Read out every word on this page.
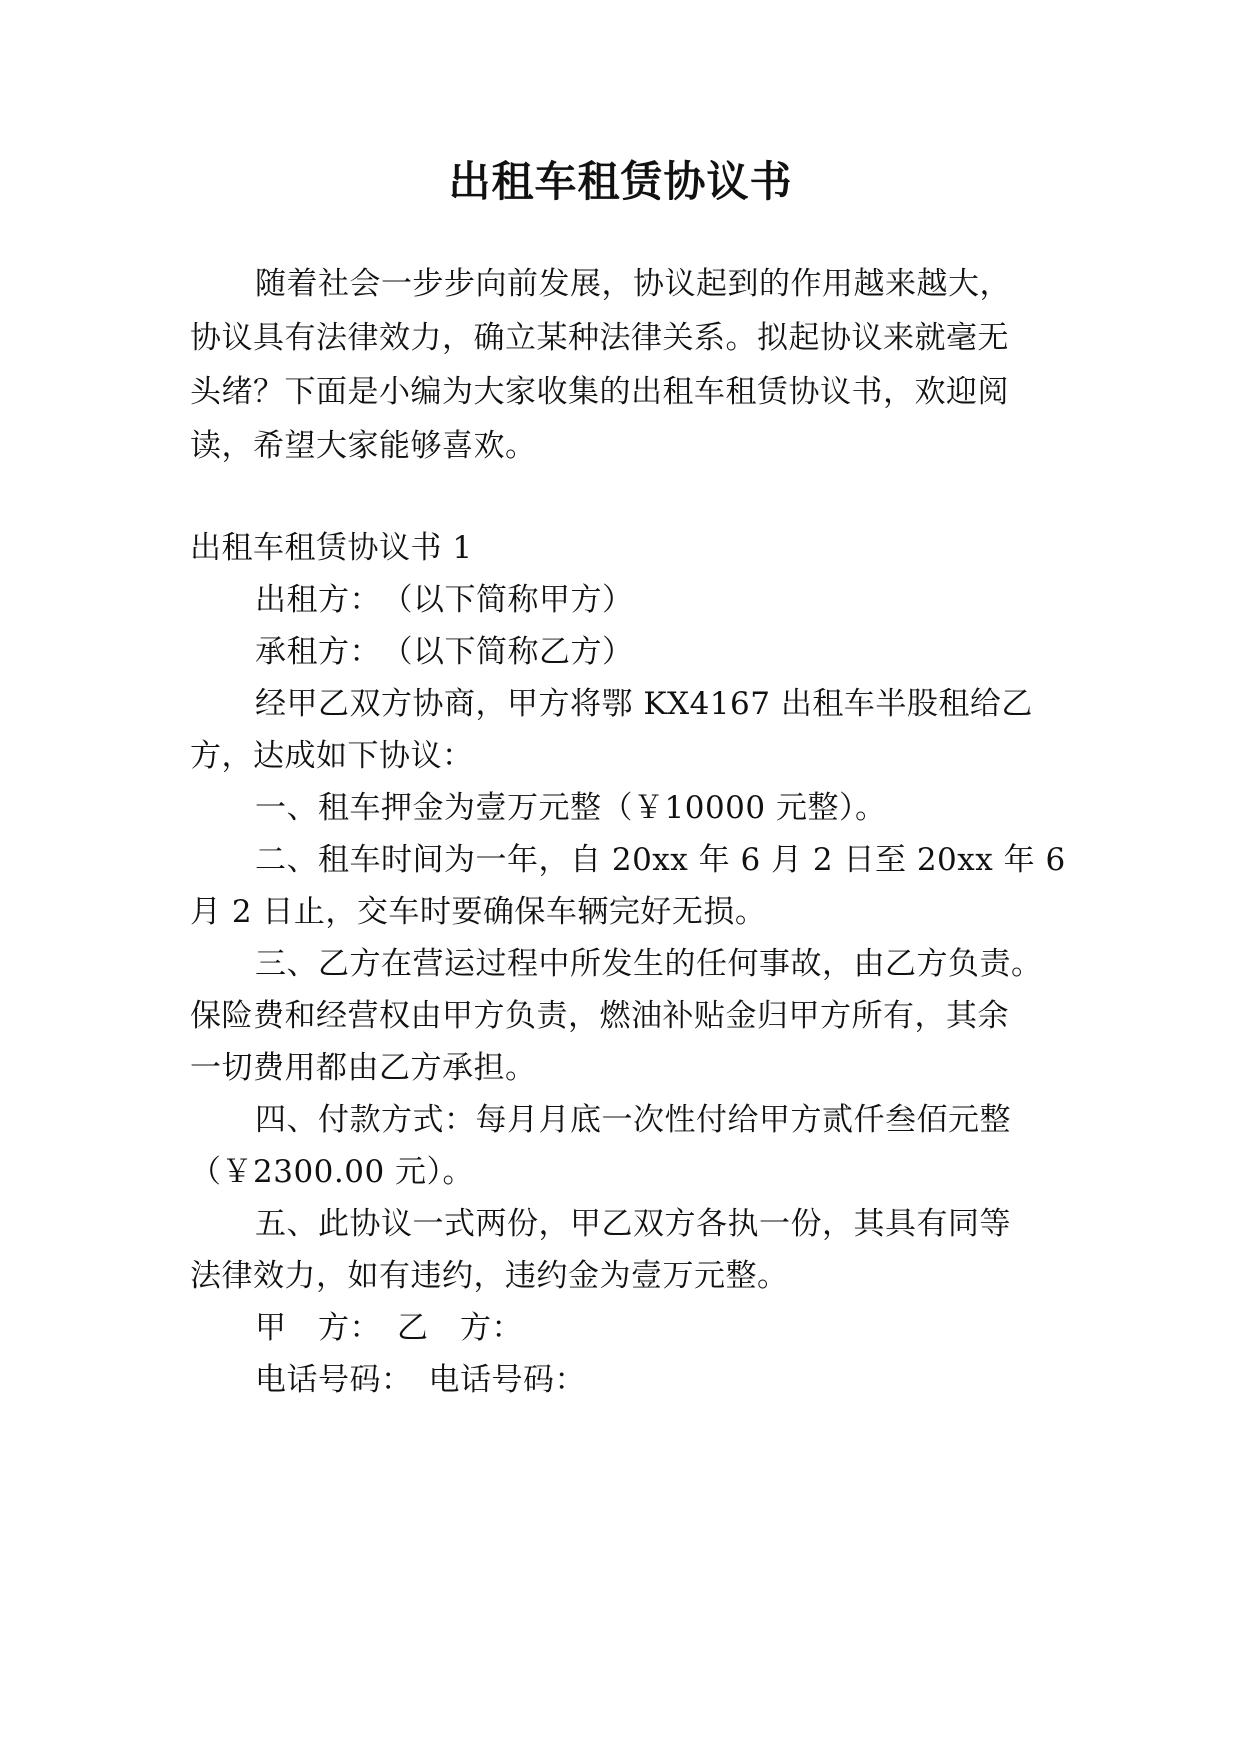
出租车租赁协议书
随着社会一步步向前发展，协议起到的作用越来越大，
协议具有法律效力，确立某种法律关系。拟起协议来就毫无
头绪？下面是小编为大家收集的出租车租赁协议书，欢迎阅
读，希望大家能够喜欢。
出租车租赁协议书 1
出租方：　（以下简称甲方）
承租方：　（以下简称乙方）
经甲乙双方协商，甲方将鄂 KX4167 出租车半股租给乙
方，达成如下协议：
一、租车押金为壹万元整（￥10000 元整）。
二、租车时间为一年，自 20xx 年 6 月 2 日至 20xx 年 6
月 2 日止，交车时要确保车辆完好无损。
三、乙方在营运过程中所发生的任何事故，由乙方负责。
保险费和经营权由甲方负责，燃油补贴金归甲方所有，其余
一切费用都由乙方承担。
四、付款方式：每月月底一次性付给甲方贰仟叁佰元整
（￥2300.00 元）。
五、此协议一式两份，甲乙双方各执一份，其具有同等
法律效力，如有违约，违约金为壹万元整。
甲　方：　乙　方：
电话号码：　电话号码：
